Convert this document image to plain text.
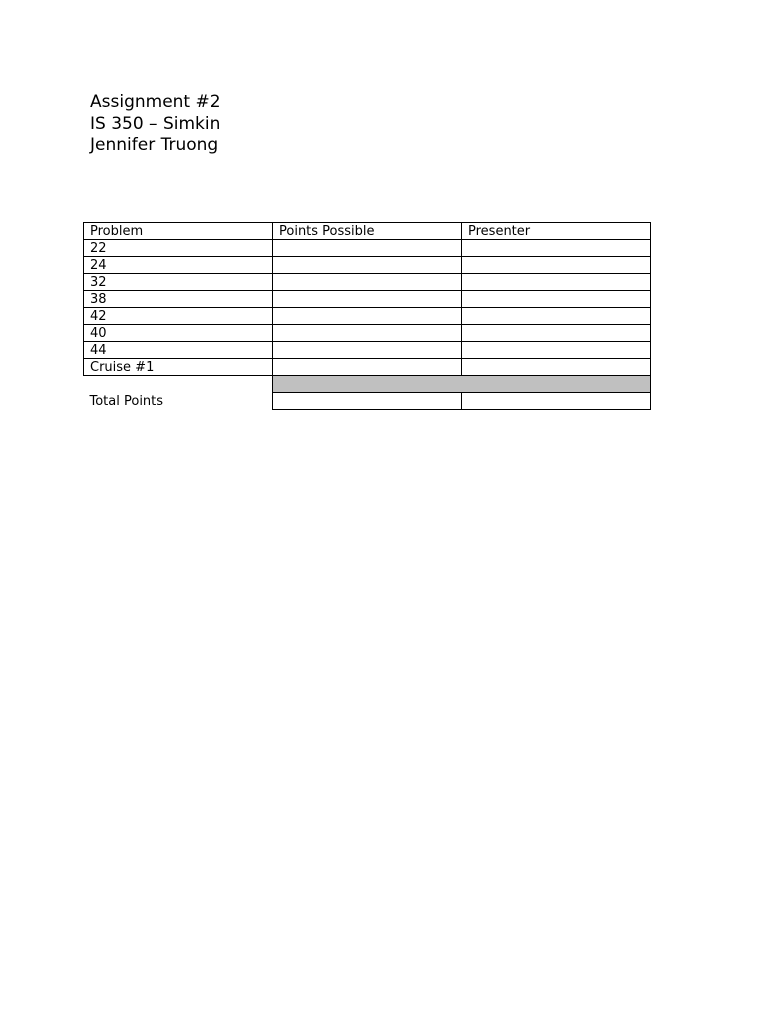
Assignment #2
IS 350 – Simkin
Jennifer Truong
Problem	Points Possible	Presenter
22		
24		
32		
38		
42		
40		
44		
Cruise #1		
Total Points		
